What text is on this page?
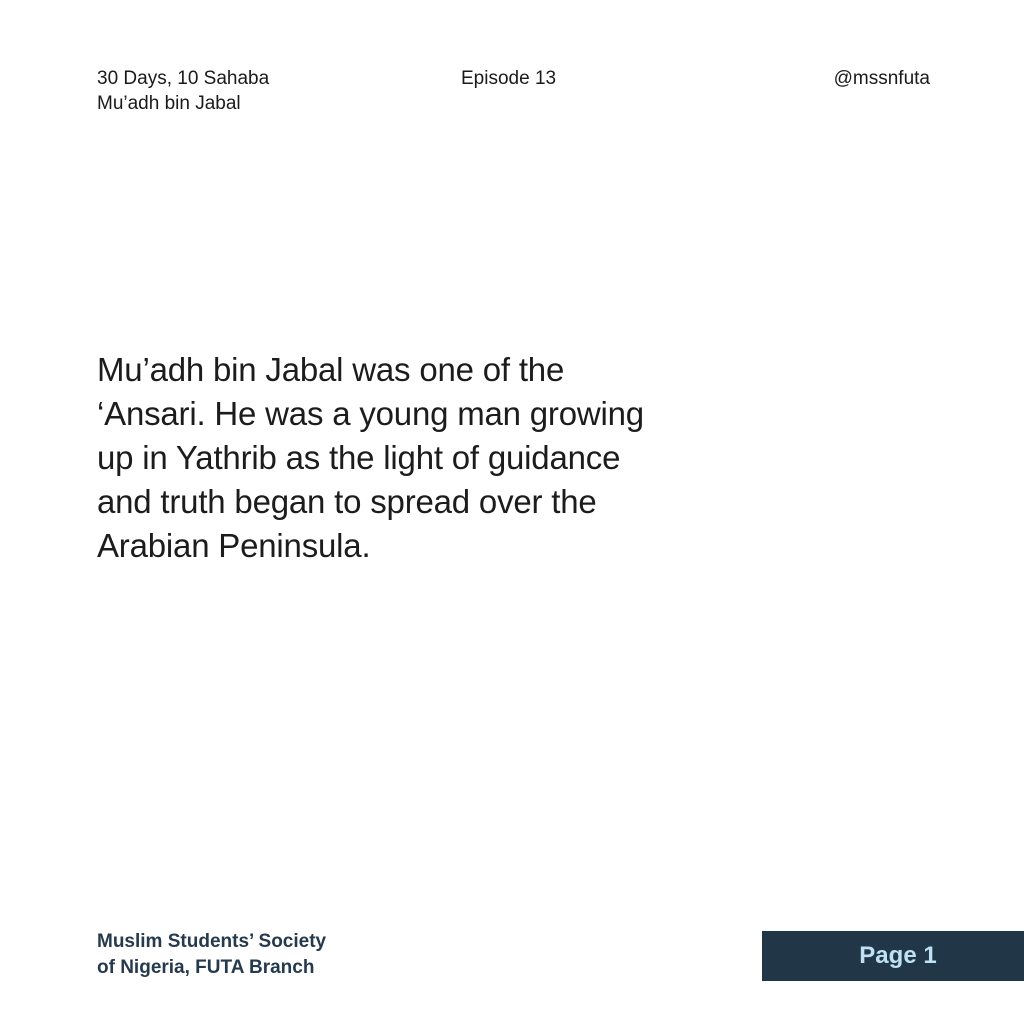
30 Days, 10 Sahaba
Mu’adh bin Jabal
Episode 13	@mssnfuta
Mu’adh bin Jabal was one of the
‘Ansari. He was a young man growing
up in Yathrib as the light of guidance
and truth began to spread over the
Arabian Peninsula.
Muslim Students’ Society
of Nigeria, FUTA Branch	Page 1
